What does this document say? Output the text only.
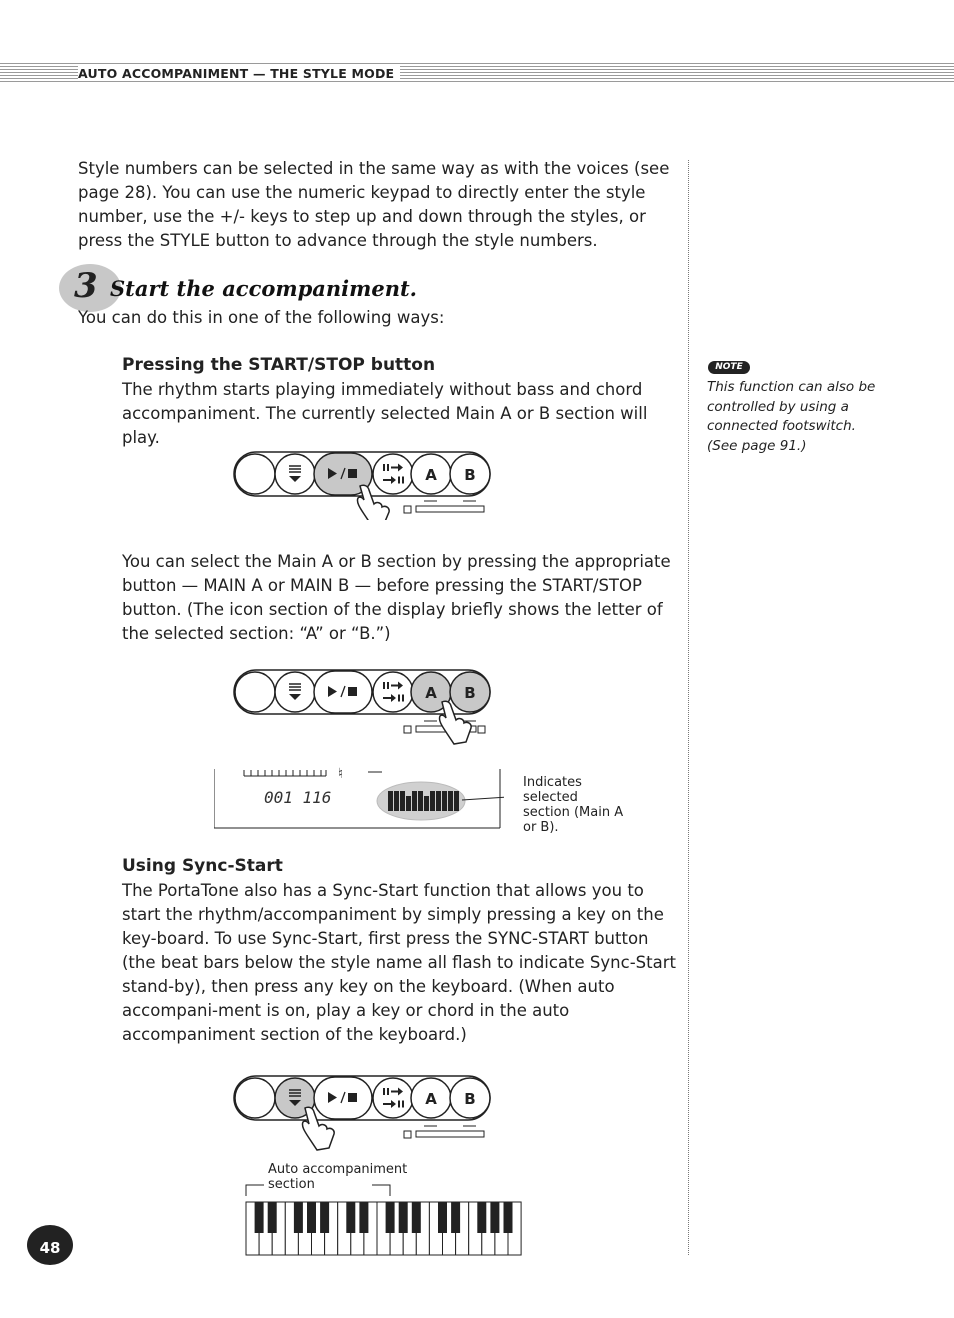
AUTO ACCOMPANIMENT — THE STYLE MODE

Style numbers can be selected in the same way as with the voices (see page 28). You can use the numeric keypad to directly enter the style number, use the +/- keys to step up and down through the styles, or press the STYLE button to advance through the style numbers.

3 Start the accompaniment.

You can do this in one of the following ways:

Pressing the START/STOP button

The rhythm starts playing immediately without bass and chord accompaniment. The currently selected Main A or B section will play.

A B

You can select the Main A or B section by pressing the appropriate button — MAIN A or MAIN B — before pressing the START/STOP button. (The icon section of the display briefly shows the letter of the selected section: “A” or “B.”)

A B
♮
001 116
Indicates selected section (Main A or B).

Using Sync-Start

The PortaTone also has a Sync-Start function that allows you to start the rhythm/accompaniment by simply pressing a key on the key-board. To use Sync-Start, first press the SYNC-START button (the beat bars below the style name all flash to indicate Sync-Start stand-by), then press any key on the keyboard. (When auto accompani-ment is on, play a key or chord in the auto accompaniment section of the keyboard.)

A B
Auto accompaniment section
NOTE

This function can also be controlled by using a connected footswitch. (See page 91.)

48
